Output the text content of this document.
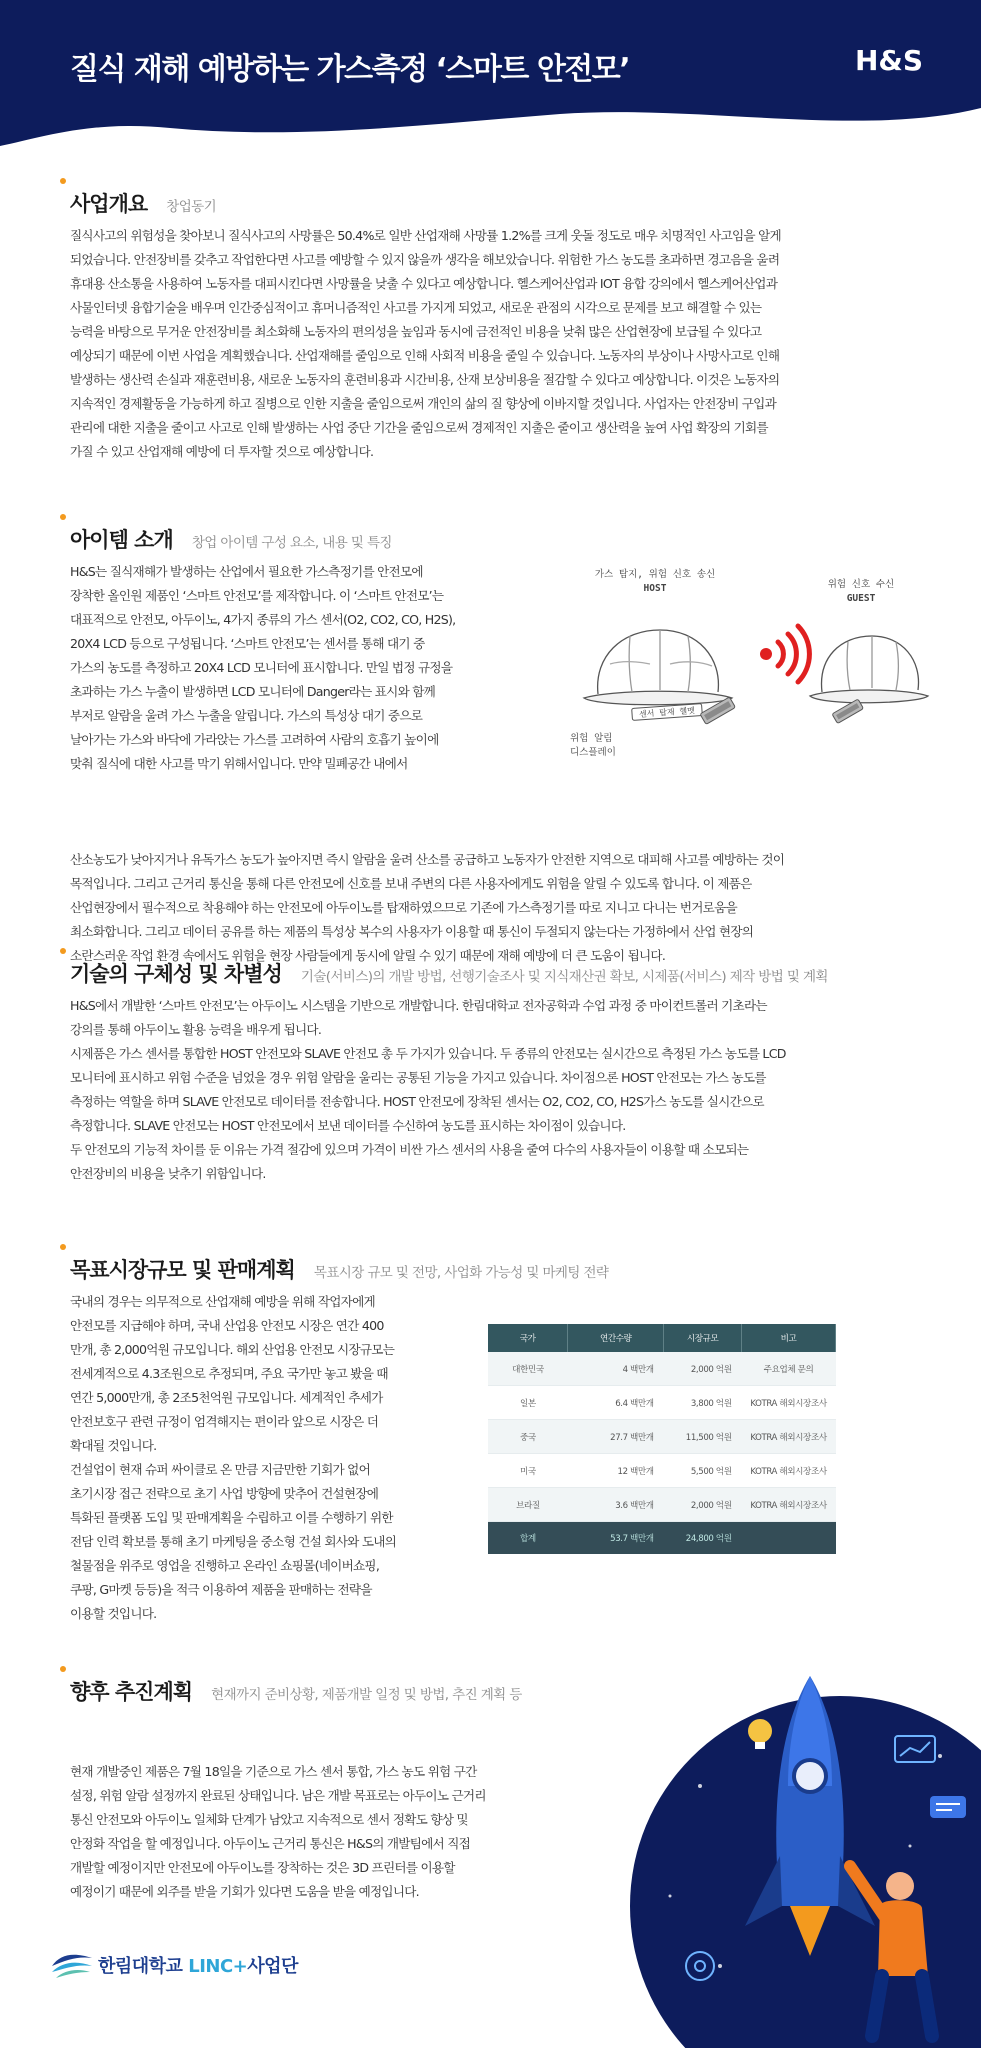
질식 재해 예방하는 가스측정 ‘스마트 안전모’	H&S
사업개요 창업동기

질식사고의 위험성을 찾아보니 질식사고의 사망률은 50.4%로 일반 산업재해 사망률 1.2%를 크게 웃돌 정도로 매우 치명적인 사고임을 알게
되었습니다. 안전장비를 갖추고 작업한다면 사고를 예방할 수 있지 않을까 생각을 해보았습니다. 위험한 가스 농도를 초과하면 경고음을 울려
휴대용 산소통을 사용하여 노동자를 대피시킨다면 사망률을 낮출 수 있다고 예상합니다. 헬스케어산업과 IOT 융합 강의에서 헬스케어산업과
사물인터넷 융합기술을 배우며 인간중심적이고 휴머니즘적인 사고를 가지게 되었고, 새로운 관점의 시각으로 문제를 보고 해결할 수 있는
능력을 바탕으로 무거운 안전장비를 최소화해 노동자의 편의성을 높임과 동시에 금전적인 비용을 낮춰 많은 산업현장에 보급될 수 있다고
예상되기 때문에 이번 사업을 계획했습니다. 산업재해를 줄임으로 인해 사회적 비용을 줄일 수 있습니다. 노동자의 부상이나 사망사고로 인해
발생하는 생산력 손실과 재훈련비용, 새로운 노동자의 훈련비용과 시간비용, 산재 보상비용을 절감할 수 있다고 예상합니다. 이것은 노동자의
지속적인 경제활동을 가능하게 하고 질병으로 인한 지출을 줄임으로써 개인의 삶의 질 향상에 이바지할 것입니다. 사업자는 안전장비 구입과
관리에 대한 지출을 줄이고 사고로 인해 발생하는 사업 중단 기간을 줄임으로써 경제적인 지출은 줄이고 생산력을 높여 사업 확장의 기회를
가질 수 있고 산업재해 예방에 더 투자할 것으로 예상합니다.

아이템 소개 창업 아이템 구성 요소, 내용 및 특징

H&S는 질식재해가 발생하는 산업에서 필요한 가스측정기를 안전모에
장착한 올인원 제품인 ‘스마트 안전모’를 제작합니다. 이 ‘스마트 안전모’는
대표적으로 안전모, 아두이노, 4가지 종류의 가스 센서(O2, CO2, CO, H2S),
20X4 LCD 등으로 구성됩니다. ‘스마트 안전모’는 센서를 통해 대기 중
가스의 농도를 측정하고 20X4 LCD 모니터에 표시합니다. 만일 법정 규정을
초과하는 가스 누출이 발생하면 LCD 모니터에 Danger라는 표시와 함께
부저로 알람을 울려 가스 누출을 알립니다. 가스의 특성상 대기 중으로
날아가는 가스와 바닥에 가라앉는 가스를 고려하여 사람의 호흡기 높이에
맞춰 질식에 대한 사고를 막기 위해서입니다. 만약 밀폐공간 내에서

가스 탐지, 위험 신호 송신
HOST	위험 신호 수신
GUEST
센서 탑재 헬멧
위험 알림
디스플레이

산소농도가 낮아지거나 유독가스 농도가 높아지면 즉시 알람을 울려 산소를 공급하고 노동자가 안전한 지역으로 대피해 사고를 예방하는 것이
목적입니다. 그리고 근거리 통신을 통해 다른 안전모에 신호를 보내 주변의 다른 사용자에게도 위험을 알릴 수 있도록 합니다. 이 제품은
산업현장에서 필수적으로 착용해야 하는 안전모에 아두이노를 탑재하였으므로 기존에 가스측정기를 따로 지니고 다니는 번거로움을
최소화합니다. 그리고 데이터 공유를 하는 제품의 특성상 복수의 사용자가 이용할 때 통신이 두절되지 않는다는 가정하에서 산업 현장의
소란스러운 작업 환경 속에서도 위험을 현장 사람들에게 동시에 알릴 수 있기 때문에 재해 예방에 더 큰 도움이 됩니다.

기술의 구체성 및 차별성 기술(서비스)의 개발 방법, 선행기술조사 및 지식재산권 확보, 시제품(서비스) 제작 방법 및 계획

H&S에서 개발한 ‘스마트 안전모’는 아두이노 시스템을 기반으로 개발합니다. 한림대학교 전자공학과 수업 과정 중 마이컨트롤러 기초라는
강의를 통해 아두이노 활용 능력을 배우게 됩니다.
시제품은 가스 센서를 통합한 HOST 안전모와 SLAVE 안전모 총 두 가지가 있습니다. 두 종류의 안전모는 실시간으로 측정된 가스 농도를 LCD
모니터에 표시하고 위험 수준을 넘었을 경우 위험 알람을 울리는 공통된 기능을 가지고 있습니다. 차이점으론 HOST 안전모는 가스 농도를
측정하는 역할을 하며 SLAVE 안전모로 데이터를 전송합니다. HOST 안전모에 장착된 센서는 O2, CO2, CO, H2S가스 농도를 실시간으로
측정합니다. SLAVE 안전모는 HOST 안전모에서 보낸 데이터를 수신하여 농도를 표시하는 차이점이 있습니다.
두 안전모의 기능적 차이를 둔 이유는 가격 절감에 있으며 가격이 비싼 가스 센서의 사용을 줄여 다수의 사용자들이 이용할 때 소모되는
안전장비의 비용을 낮추기 위함입니다.

목표시장규모 및 판매계획 목표시장 규모 및 전망, 사업화 가능성 및 마케팅 전략

국내의 경우는 의무적으로 산업재해 예방을 위해 작업자에게
안전모를 지급해야 하며, 국내 산업용 안전모 시장은 연간 400
만개, 총 2,000억원 규모입니다. 해외 산업용 안전모 시장규모는
전세계적으로 4.3조원으로 추정되며, 주요 국가만 놓고 봤을 때
연간 5,000만개, 총 2조5천억원 규모입니다. 세계적인 추세가
안전보호구 관련 규정이 엄격해지는 편이라 앞으로 시장은 더
확대될 것입니다.
건설업이 현재 슈퍼 싸이클로 온 만큼 지금만한 기회가 없어
초기시장 접근 전략으로 초기 사업 방향에 맞추어 건설현장에
특화된 플랫폼 도입 및 판매계획을 수립하고 이를 수행하기 위한
전담 인력 확보를 통해 초기 마케팅을 중소형 건설 회사와 도내의
철물점을 위주로 영업을 진행하고 온라인 쇼핑몰(네이버쇼핑,
쿠팡, G마켓 등등)을 적극 이용하여 제품을 판매하는 전략을
이용할 것입니다.

국가	연간수량	시장규모	비고
대한민국	4 백만개	2,000 억원	주요업체 문의
일본	6.4 백만개	3,800 억원	KOTRA 해외시장조사
중국	27.7 백만개	11,500 억원	KOTRA 해외시장조사
미국	12 백만개	5,500 억원	KOTRA 해외시장조사
브라질	3.6 백만개	2,000 억원	KOTRA 해외시장조사
합계	53.7 백만개	24,800 억원	
향후 추진계획 현재까지 준비상황, 제품개발 일정 및 방법, 추진 계획 등

현재 개발중인 제품은 7월 18일을 기준으로 가스 센서 통합, 가스 농도 위험 구간
설정, 위험 알람 설정까지 완료된 상태입니다. 남은 개발 목표로는 아두이노 근거리
통신 안전모와 아두이노 일체화 단계가 남았고 지속적으로 센서 정확도 향상 및
안정화 작업을 할 예정입니다. 아두이노 근거리 통신은 H&S의 개발팀에서 직접
개발할 예정이지만 안전모에 아두이노를 장착하는 것은 3D 프린터를 이용할
예정이기 때문에 외주를 받을 기회가 있다면 도움을 받을 예정입니다.

한림대학교 LINC+사업단
